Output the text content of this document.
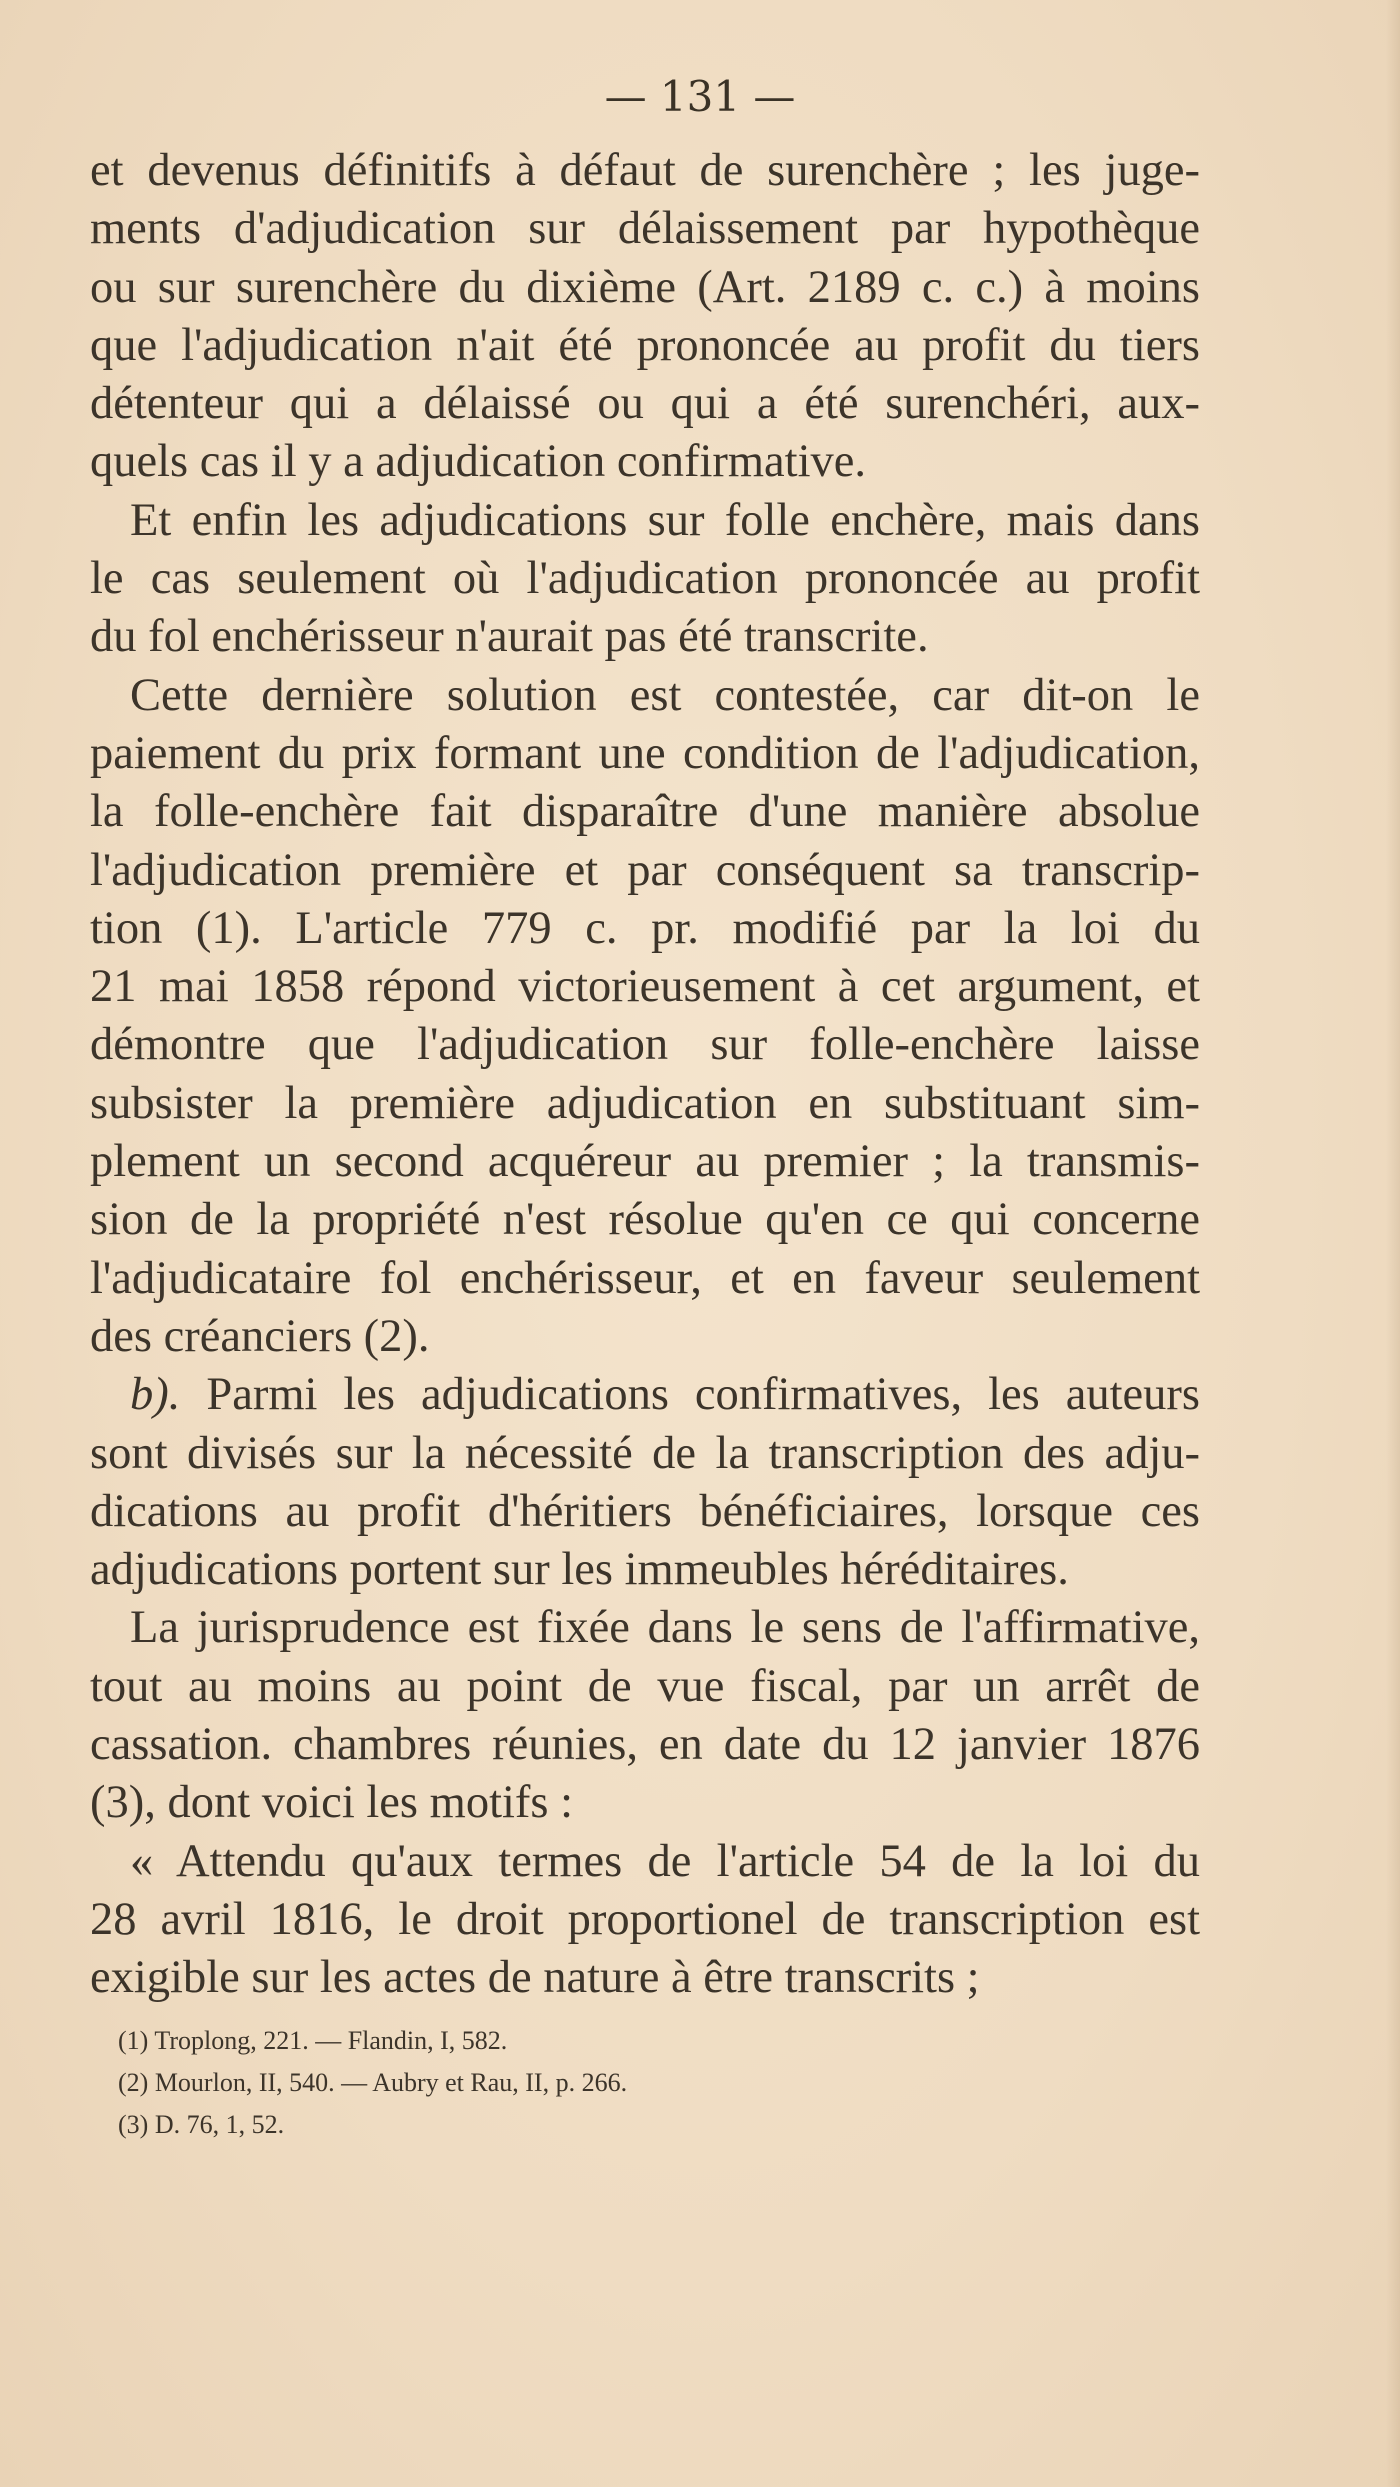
— 131 —
et devenus définitifs à défaut de surenchère ; les juge-
ments d'adjudication sur délaissement par hypothèque
ou sur surenchère du dixième (Art. 2189 c. c.) à moins
que l'adjudication n'ait été prononcée au profit du tiers
détenteur qui a délaissé ou qui a été surenchéri, aux-
quels cas il y a adjudication confirmative.
Et enfin les adjudications sur folle enchère, mais dans
le cas seulement où l'adjudication prononcée au profit
du fol enchérisseur n'aurait pas été transcrite.
Cette dernière solution est contestée, car dit-on le
paiement du prix formant une condition de l'adjudication,
la folle-enchère fait disparaître d'une manière absolue
l'adjudication première et par conséquent sa transcrip-
tion (1). L'article 779 c. pr. modifié par la loi du
21 mai 1858 répond victorieusement à cet argument, et
démontre que l'adjudication sur folle-enchère laisse
subsister la première adjudication en substituant sim-
plement un second acquéreur au premier ; la transmis-
sion de la propriété n'est résolue qu'en ce qui concerne
l'adjudicataire fol enchérisseur, et en faveur seulement
des créanciers (2).
b). Parmi les adjudications confirmatives, les auteurs
sont divisés sur la nécessité de la transcription des adju-
dications au profit d'héritiers bénéficiaires, lorsque ces
adjudications portent sur les immeubles héréditaires.
La jurisprudence est fixée dans le sens de l'affirmative,
tout au moins au point de vue fiscal, par un arrêt de
cassation. chambres réunies, en date du 12 janvier 1876
(3), dont voici les motifs :
« Attendu qu'aux termes de l'article 54 de la loi du
28 avril 1816, le droit proportionel de transcription est
exigible sur les actes de nature à être transcrits ;
(1) Troplong, 221. — Flandin, I, 582.
(2) Mourlon, II, 540. — Aubry et Rau, II, p. 266.
(3) D. 76, 1, 52.
